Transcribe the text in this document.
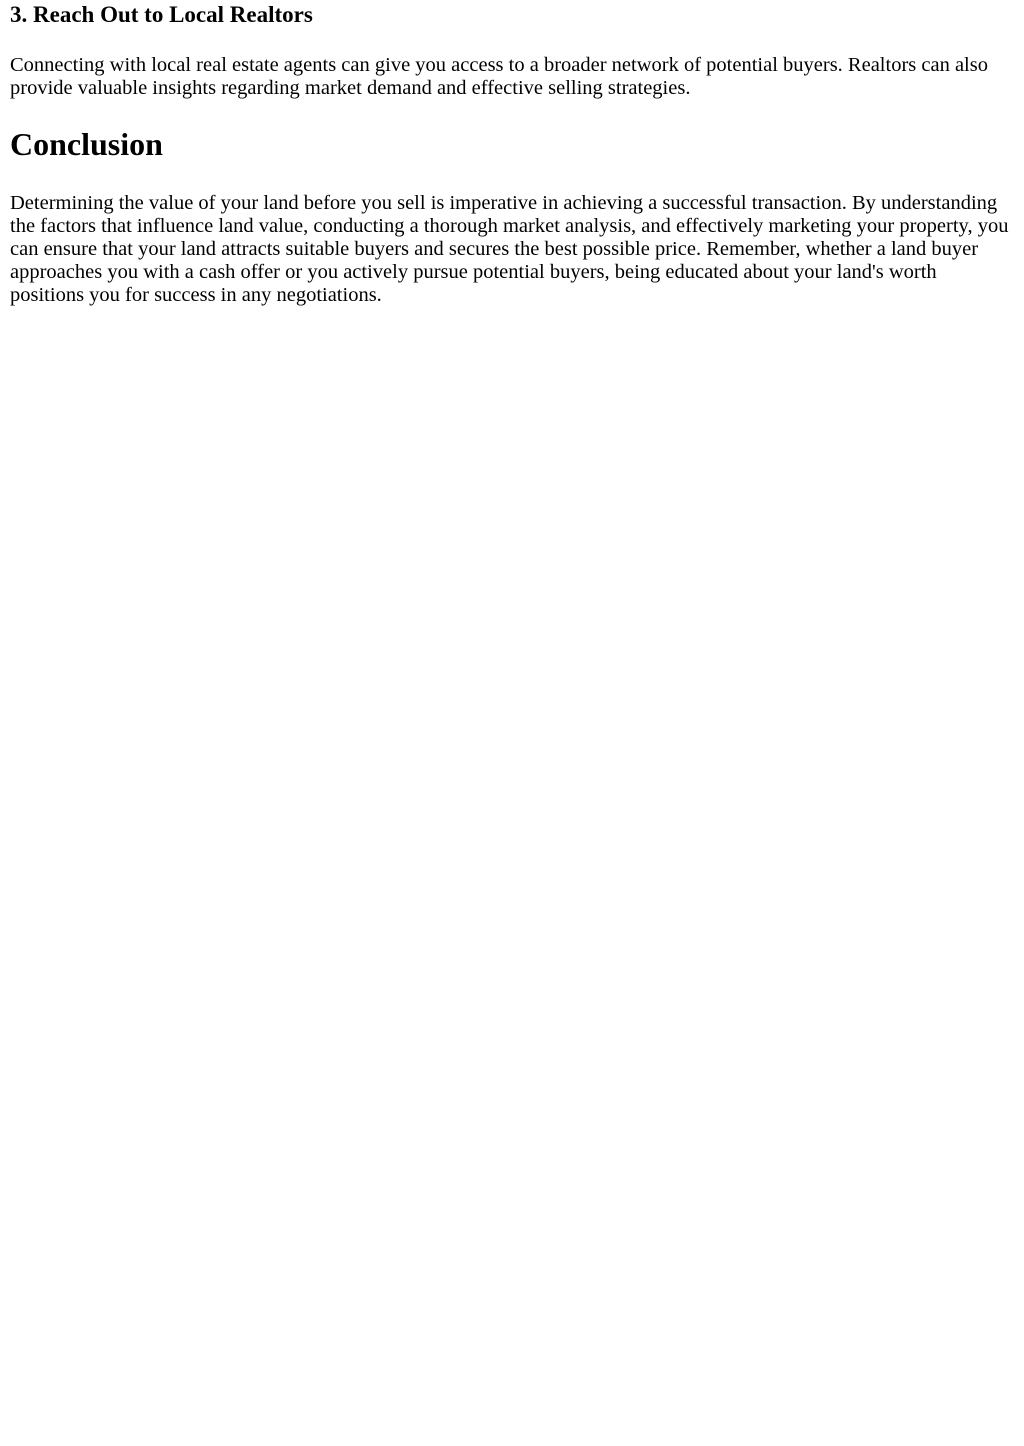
3. Reach Out to Local Realtors

Connecting with local real estate agents can give you access to a broader network of potential buyers. Realtors can also provide valuable insights regarding market demand and effective selling strategies.

Conclusion

Determining the value of your land before you sell is imperative in achieving a successful transaction. By understanding the factors that influence land value, conducting a thorough market analysis, and effectively marketing your property, you can ensure that your land attracts suitable buyers and secures the best possible price. Remember, whether a land buyer approaches you with a cash offer or you actively pursue potential buyers, being educated about your land's worth positions you for success in any negotiations.
